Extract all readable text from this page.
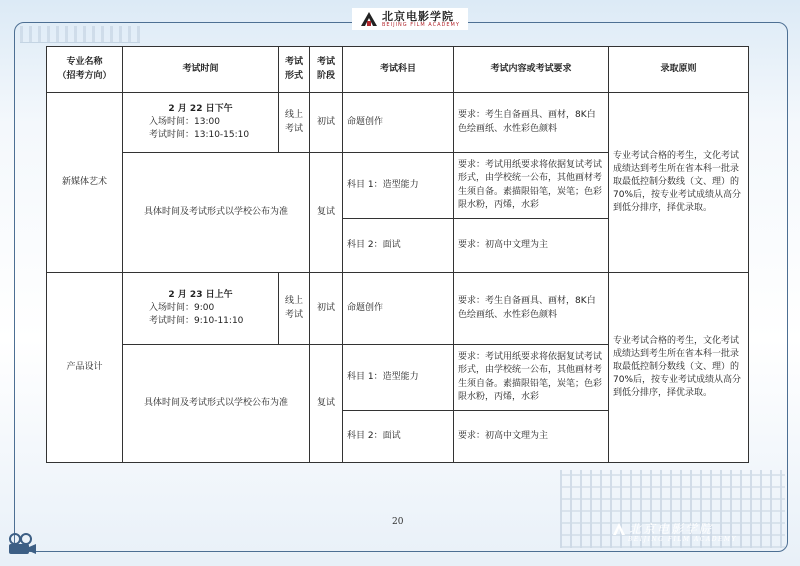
北京电影学院
BEIJING FILM ACADEMY
专业名称
（招考方向）	考试时间	考试形式	考试阶段	考试科目	考试内容或考试要求	录取原则
新媒体艺术	2 月 22 日下午
入场时间：13:00
考试时间：13:10-15:10	线上考试	初试	命题创作	要求：考生自备画具、画材，8K白色绘画纸、水性彩色颜料	专业考试合格的考生，文化考试成绩达到考生所在省本科一批录取最低控制分数线（文、理）的 70%后，按专业考试成绩从高分到低分排序，择优录取。
	具体时间及考试形式以学校公布为准		复试	科目 1：造型能力	要求：考试用纸要求将依据复试考试形式，由学校统一公布，其他画材考生须自备。素描限铅笔，炭笔；色彩限水粉，丙烯，水彩	
				科目 2：面试	要求：初高中文理为主	
产品设计	2 月 23 日上午
入场时间：9:00
考试时间：9:10-11:10	线上考试	初试	命题创作	要求：考生自备画具、画材，8K白色绘画纸、水性彩色颜料	专业考试合格的考生，文化考试成绩达到考生所在省本科一批录取最低控制分数线（文、理）的 70%后，按专业考试成绩从高分到低分排序，择优录取。
	具体时间及考试形式以学校公布为准		复试	科目 1：造型能力	要求：考试用纸要求将依据复试考试形式，由学校统一公布，其他画材考生须自备。素描限铅笔，炭笔；色彩限水粉，丙烯，水彩	
				科目 2：面试	要求：初高中文理为主	
20	北京电影学院
BEIJING FILM ACADEMY
